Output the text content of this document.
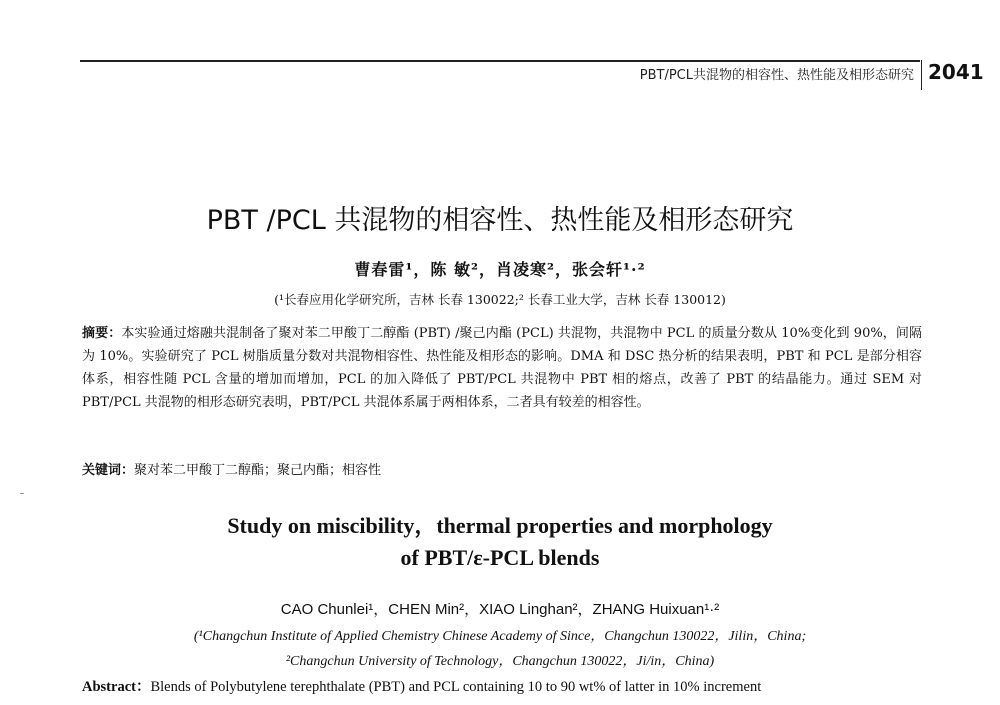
PBT/PCL共混物的相容性、热性能及相形态研究 2041
PBT /PCL 共混物的相容性、热性能及相形态研究
曹春雷¹，陈 敏²，肖凌寒²，张会轩¹·²
(¹长春应用化学研究所，吉林 长春 130022;² 长春工业大学，吉林 长春 130012)
摘要：本实验通过熔融共混制备了聚对苯二甲酸丁二醇酯 (PBT) /聚己内酯 (PCL) 共混物，共混物中 PCL 的质量分数从 10%变化到 90%，间隔为 10%。实验研究了 PCL 树脂质量分数对共混物相容性、热性能及相形态的影响。DMA 和 DSC 热分析的结果表明，PBT 和 PCL 是部分相容体系，相容性随 PCL 含量的增加而增加，PCL 的加入降低了 PBT/PCL 共混物中 PBT 相的熔点，改善了 PBT 的结晶能力。通过 SEM 对 PBT/PCL 共混物的相形态研究表明，PBT/PCL 共混体系属于两相体系，二者具有较差的相容性。
关键词：聚对苯二甲酸丁二醇酯；聚己内酯；相容性
Study on miscibility，thermal properties and morphology
of PBT/ε-PCL blends
CAO Chunlei¹，CHEN Min²，XIAO Linghan²，ZHANG Huixuan¹·²
(¹Changchun Institute of Applied Chemistry Chinese Academy of Since，Changchun 130022，Jilin，China;
²Changchun University of Technology，Changchun 130022，Ji/in，China)
Abstract：Blends of Polybutylene terephthalate (PBT) and PCL containing 10 to 90 wt% of latter in 10% increment
